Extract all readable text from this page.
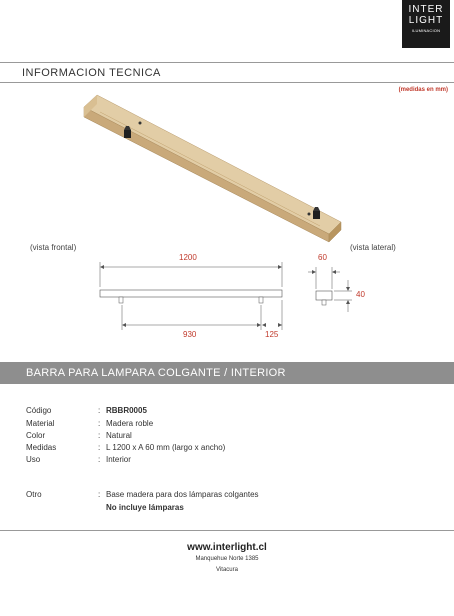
INTER
LIGHT
ILUMINACION
INFORMACION TECNICA
(medidas en mm)
(vista frontal)	(vista lateral)
1200
930	125
60
40
BARRA PARA LAMPARA COLGANTE / INTERIOR
Código	: RBBR0005
Material	: Madera roble
Color	: Natural
Medidas	: L 1200 x A 60 mm (largo x ancho)
Uso	: Interior
Otro	: Base madera para dos lámparas colgantes
No incluye lámparas
www.interlight.cl
Manquehue Norte 1385
Vitacura
